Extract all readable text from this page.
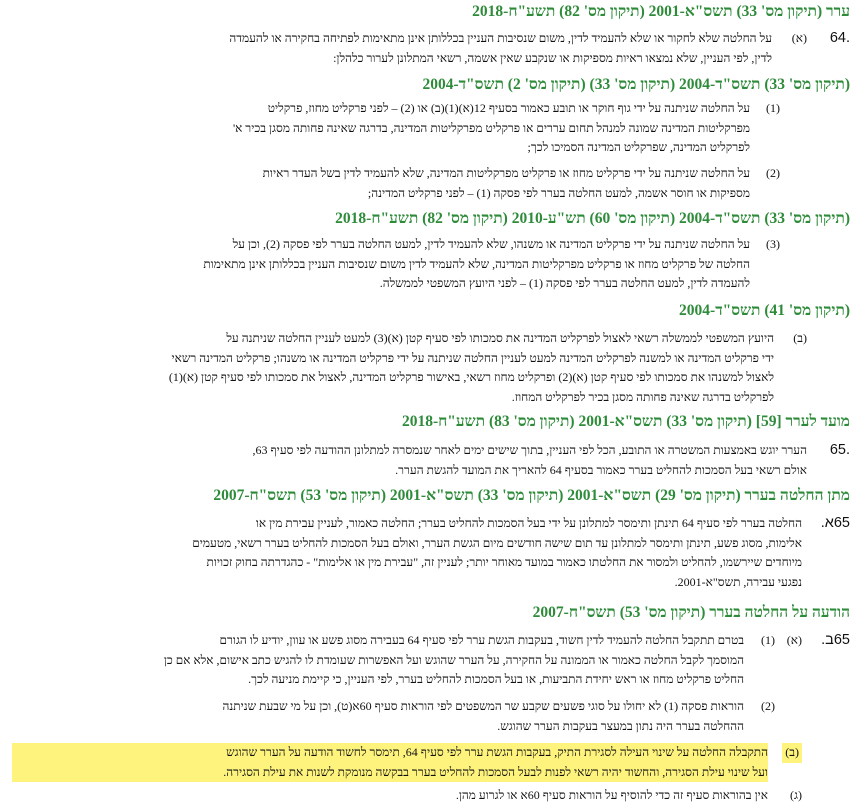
ערר (תיקון מס' 33) תשס"א-2001 (תיקון מס' 82) תשע"ח-2018
.64
(א)
על החלטה שלא לחקור או שלא להעמיד לדין, משום שנסיבות העניין בכללותן אינן מתאימות לפתיחה בחקירה או להעמדה
לדין, לפי העניין, שלא נמצאו ראיות מספיקות או שנקבע שאין אשמה, רשאי המתלונן לערור כלהלן:
(תיקון מס' 33) תשס"ד-2004 (תיקון מס' 33) (תיקון מס' 2) תשס"ד-2004
(1)
על החלטה שניתנה על ידי גוף חוקר או תובע כאמור בסעיף 12(א)(1)(ב) או (2) – לפני פרקליט מחוז, פרקליט
מפרקליטות המדינה שמונה למנהל תחום עררים או פרקליט מפרקליטות המדינה, בדרגה שאינה פחותה מסגן בכיר א'
לפרקליט המדינה, שפרקליט המדינה הסמיכו לכך;
(2)
על החלטה שניתנה על ידי פרקליט מחוז או פרקליט מפרקליטות המדינה, שלא להעמיד לדין בשל העדר ראיות
מספיקות או חוסר אשמה, למעט החלטה בערר לפי פסקה (1) – לפני פרקליט המדינה;
(תיקון מס' 33) תשס"ד-2004 (תיקון מס' 60) תש"ע-2010 (תיקון מס' 82) תשע"ח-2018
(3)
על החלטה שניתנה על ידי פרקליט המדינה או משנהו, שלא להעמיד לדין, למעט החלטה בערר לפי פסקה (2), וכן על
החלטה של פרקליט מחוז או פרקליט מפרקליטות המדינה, שלא להעמיד לדין משום שנסיבות העניין בכללותן אינן מתאימות
להעמדה לדין, למעט החלטה בערר לפי פסקה (1) – לפני היועץ המשפטי לממשלה.
(תיקון מס' 41) תשס"ד-2004
(ב)
היועץ המשפטי לממשלה רשאי לאצול לפרקליט המדינה את סמכותו לפי סעיף קטן (א)(3) למעט לעניין החלטה שניתנה על
ידי פרקליט המדינה או למשנה לפרקליט המדינה למעט לעניין החלטה שניתנה על ידי פרקליט המדינה או משנהו; פרקליט המדינה רשאי
לאצול למשנהו את סמכותו לפי סעיף קטן (א)(2) ופרקליט מחוז רשאי, באישור פרקליט המדינה, לאצול את סמכותו לפי סעיף קטן (א)(1)
לפרקליט בדרגה שאינה פחותה מסגן בכיר לפרקליט המחוז.
מועד לערר [59] (תיקון מס' 33) תשס"א-2001 (תיקון מס' 83) תשע"ח-2018
.65
הערר יוגש באמצעות המשטרה או התובע, הכל לפי העניין, בתוך שישים ימים לאחר שנמסרה למתלונן ההודעה לפי סעיף 63,
אולם רשאי בעל הסמכות להחליט בערר כאמור בסעיף 64 להאריך את המועד להגשת הערר.
מתן החלטה בערר (תיקון מס' 29) תשס"א-2001 (תיקון מס' 33) תשס"א-2001 (תיקון מס' 53) תשס"ח-2007
65א.
החלטה בערר לפי סעיף 64 תינתן ותימסר למתלונן על ידי בעל הסמכות להחליט בערר; החלטה כאמור, לעניין עבירת מין או
אלימות, מסוג פשע, תינתן ותימסר למתלונן עד תום שישה חודשים מיום הגשת הערר, ואולם בעל הסמכות להחליט בערר רשאי, מטעמים
מיוחדים שיירשמו, להחליט ולמסור את החלטתו כאמור במועד מאוחר יותר; לעניין זה, "עבירת מין או אלימות" - כהגדרתה בחוק זכויות
נפגעי עבירה, תשס"א-2001.
הודעה על החלטה בערר (תיקון מס' 53) תשס"ח-2007
65ב.
(א)
(1)
בטרם תתקבל החלטה להעמיד לדין חשוד, בעקבות הגשת ערר לפי סעיף 64 בעבירה מסוג פשע או עוון, יודיע לו הגורם
המוסמך לקבל החלטה כאמור או הממונה על החקירה, על הערר שהוגש ועל האפשרות שעומדת לו להגיש כתב אישום, אלא אם כן
החליט פרקליט מחוז או ראש יחידת התביעות, או בעל הסמכות להחליט בערר, לפי העניין, כי קיימת מניעה לכך.
(2)
הוראות פסקה (1) לא יחולו על סוגי פשעים שקבע שר המשפטים לפי הוראות סעיף 60א(ט), וכן על מי שבעת שניתנה
ההחלטה בערר היה נתון במעצר בעקבות הערר שהוגש.
(ב)
התקבלה החלטה על שינוי העילה לסגירת התיק, בעקבות הגשת ערר לפי סעיף 64, תימסר לחשוד הודעה על הערר שהוגש
ועל שינוי עילת הסגירה, והחשוד יהיה רשאי לפנות לבעל הסמכות להחליט בערר בבקשה מנומקת לשנות את עילת הסגירה.
(ג)
אין בהוראות סעיף זה כדי להוסיף על הוראות סעיף 60א או לגרוע מהן.
